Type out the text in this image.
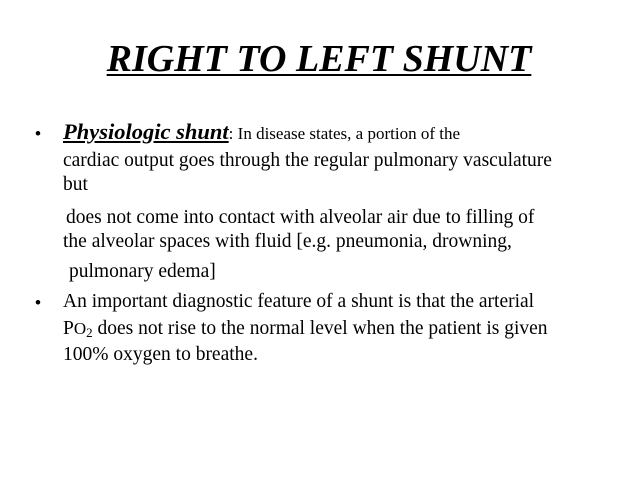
RIGHT TO LEFT SHUNT
• Physiologic shunt: In disease states, a portion of the
cardiac output goes through the regular pulmonary vasculature
but
does not come into contact with alveolar air due to filling of
the alveolar spaces with fluid [e.g. pneumonia, drowning,
pulmonary edema]
• An important diagnostic feature of a shunt is that the arterial
$PO_2$ does not rise to the normal level when the patient is given
100% oxygen to breathe.
